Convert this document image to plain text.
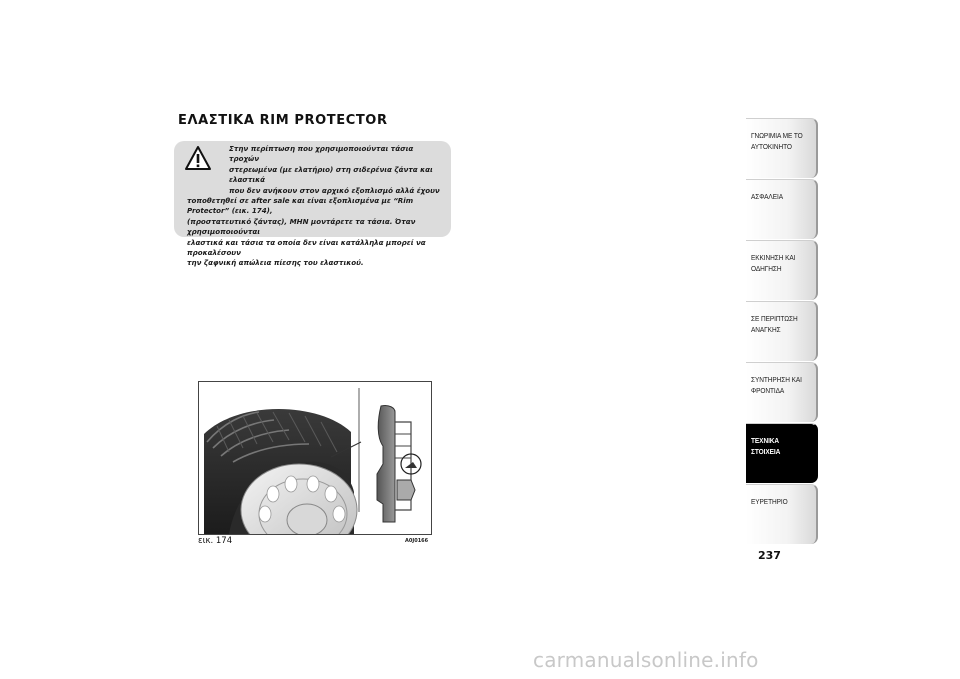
ΕΛΑΣΤΙΚΑ RIM PROTECTOR
Στην περίπτωση που χρησιμοποιούνται τάσια τροχών
στερεωμένα (με ελατήριο) στη σιδερένια ζάντα και ελαστικά
που δεν ανήκουν στον αρχικό εξοπλισμό αλλά έχουν
τοποθετηθεί σε after sale και είναι εξοπλισμένα με “Rim Protector” (εικ. 174),
(προστατευτικό ζάντας), ΜΗΝ μοντάρετε τα τάσια. Όταν χρησιμοποιούνται
ελαστικά και τάσια τα οποία δεν είναι κατάλληλα μπορεί να προκαλέσουν
την ζαφνική απώλεια πίεσης του ελαστικού.
εικ. 174	A0J0166
ΓΝΩΡΙΜΙΑ ΜΕ ΤΟ
ΑΥΤΟΚΙΝΗΤΟ
ΑΣΦΑΛΕΙΑ
ΕΚΚΙΝΗΣΗ ΚΑΙ
ΟΔΗΓΗΣΗ
ΣΕ ΠΕΡΙΠΤΩΣΗ
ΑΝΑΓΚΗΣ
ΣΥΝΤΗΡΗΣΗ ΚΑΙ
ΦΡΟΝΤΙΔΑ
ΤΕΧΝΙΚΑ
ΣΤΟΙΧΕΙΑ
ΕΥΡΕΤΗΡΙΟ
237
carmanualsonline.info
